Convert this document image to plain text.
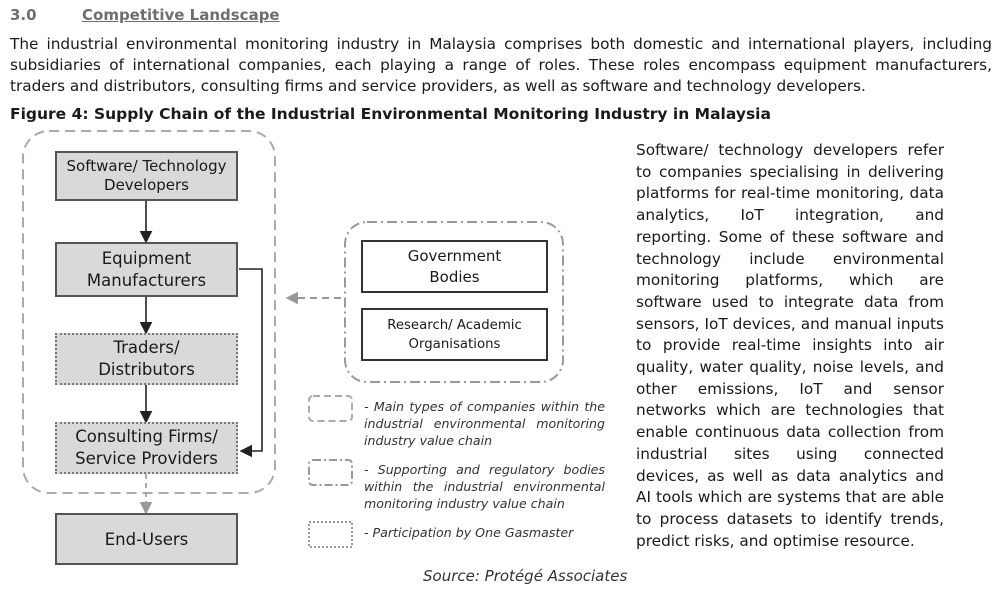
3.0	Competitive Landscape
The industrial environmental monitoring industry in Malaysia comprises both domestic and international players, including subsidiaries of international companies, each playing a range of roles. These roles encompass equipment manufacturers, traders and distributors, consulting firms and service providers, as well as software and technology developers.
Figure 4: Supply Chain of the Industrial Environmental Monitoring Industry in Malaysia
Software/ Technology Developers
Equipment Manufacturers
Traders/ Distributors
Consulting Firms/ Service Providers
End-Users
Government Bodies
Research/ Academic Organisations
- Main types of companies within the industrial environmental monitoring industry value chain
- Supporting and regulatory bodies within the industrial environmental monitoring industry value chain
- Participation by One Gasmaster
Software/ technology developers refer to companies specialising in delivering platforms for real-time monitoring, data analytics, IoT integration, and reporting. Some of these software and technology include environmental monitoring platforms, which are software used to integrate data from sensors, IoT devices, and manual inputs to provide real-time insights into air quality, water quality, noise levels, and other emissions, IoT and sensor networks which are technologies that enable continuous data collection from industrial sites using connected devices, as well as data analytics and AI tools which are systems that are able to process datasets to identify trends, predict risks, and optimise resource.
Source: Protégé Associates
